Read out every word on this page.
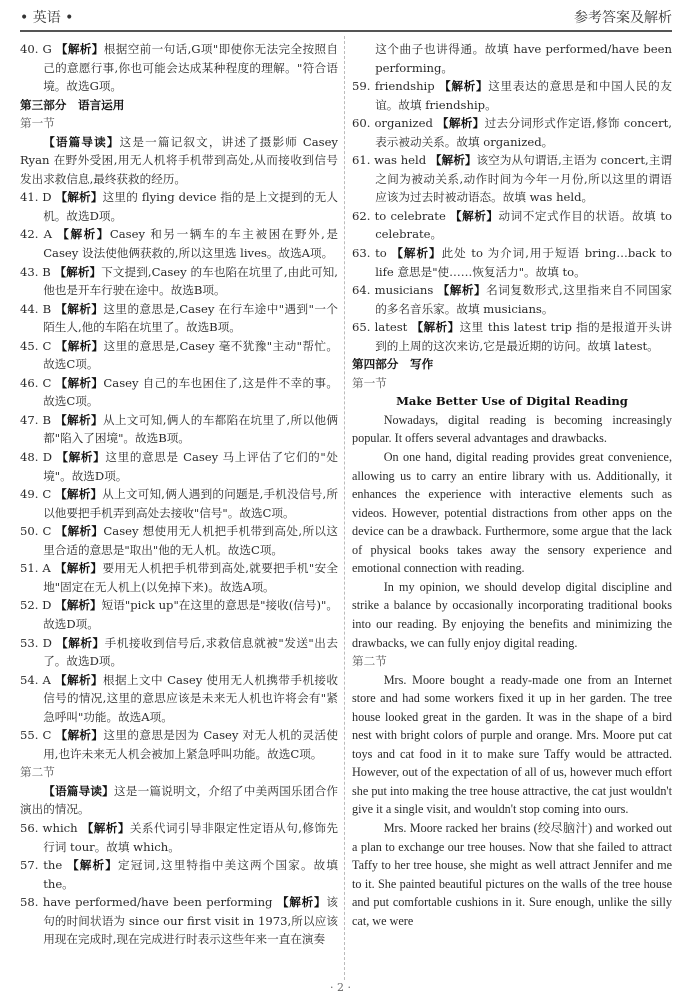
• 英语 •	参考答案及解析

40. G 【解析】根据空前一句话,G项"即使你无法完全按照自己的意愿行事,你也可能会达成某种程度的理解。"符合语境。故选G项。

第三部分　语言运用

第一节

【语篇导读】这是一篇记叙文，讲述了摄影师 Casey Ryan 在野外受困,用无人机将手机带到高处,从而接收到信号发出求救信息,最终获救的经历。

41. D 【解析】这里的 flying device 指的是上文提到的无人机。故选D项。

42. A 【解析】Casey 和另一辆车的车主被困在野外,是 Casey 设法使他俩获救的,所以这里选 lives。故选A项。

43. B 【解析】下文提到,Casey 的车也陷在坑里了,由此可知,他也是开车行驶在途中。故选B项。

44. B 【解析】这里的意思是,Casey 在行车途中"遇到"一个陌生人,他的车陷在坑里了。故选B项。

45. C 【解析】这里的意思是,Casey 毫不犹豫"主动"帮忙。故选C项。

46. C 【解析】Casey 自己的车也困住了,这是件不幸的事。故选C项。

47. B 【解析】从上文可知,俩人的车都陷在坑里了,所以他俩都"陷入了困境"。故选B项。

48. D 【解析】这里的意思是 Casey 马上评估了它们的"处境"。故选D项。

49. C 【解析】从上文可知,俩人遇到的问题是,手机没信号,所以他要把手机弄到高处去接收"信号"。故选C项。

50. C 【解析】Casey 想使用无人机把手机带到高处,所以这里合适的意思是"取出"他的无人机。故选C项。

51. A 【解析】要用无人机把手机带到高处,就要把手机"安全地"固定在无人机上(以免掉下来)。故选A项。

52. D 【解析】短语"pick up"在这里的意思是"接收(信号)"。故选D项。

53. D 【解析】手机接收到信号后,求救信息就被"发送"出去了。故选D项。

54. A 【解析】根据上文中 Casey 使用无人机携带手机接收信号的情况,这里的意思应该是未来无人机也许将会有"紧急呼叫"功能。故选A项。

55. C 【解析】这里的意思是因为 Casey 对无人机的灵活使用,也许未来无人机会被加上紧急呼叫功能。故选C项。

第二节

【语篇导读】这是一篇说明文，介绍了中美两国乐团合作演出的情况。

56. which 【解析】关系代词引导非限定性定语从句,修饰先行词 tour。故填 which。

57. the 【解析】定冠词,这里特指中美这两个国家。故填 the。

58. have performed/have been performing 【解析】该句的时间状语为 since our first visit in 1973,所以应该用现在完成时,现在完成进行时表示这些年来一直在演奏

这个曲子也讲得通。故填 have performed/have been performing。

59. friendship 【解析】这里表达的意思是和中国人民的友谊。故填 friendship。

60. organized 【解析】过去分词形式作定语,修饰 concert,表示被动关系。故填 organized。

61. was held 【解析】该空为从句谓语,主语为 concert,主谓之间为被动关系,动作时间为今年一月份,所以这里的谓语应该为过去时被动语态。故填 was held。

62. to celebrate 【解析】动词不定式作目的状语。故填 to celebrate。

63. to 【解析】此处 to 为介词,用于短语 bring…back to life 意思是"使……恢复活力"。故填 to。

64. musicians 【解析】名词复数形式,这里指来自不同国家的多名音乐家。故填 musicians。

65. latest 【解析】这里 this latest trip 指的是报道开头讲到的上周的这次来访,它是最近期的访问。故填 latest。

第四部分　写作

第一节

Make Better Use of Digital Reading

Nowadays, digital reading is becoming increasingly popular. It offers several advantages and drawbacks.

On one hand, digital reading provides great convenience, allowing us to carry an entire library with us. Additionally, it enhances the experience with interactive elements such as videos. However, potential distractions from other apps on the device can be a drawback. Furthermore, some argue that the lack of physical books takes away the sensory experience and emotional connection with reading.

In my opinion, we should develop digital discipline and strike a balance by occasionally incorporating traditional books into our reading. By enjoying the benefits and minimizing the drawbacks, we can fully enjoy digital reading.

第二节

Mrs. Moore bought a ready-made one from an Internet store and had some workers fixed it up in her garden. The tree house looked great in the garden. It was in the shape of a bird nest with bright colors of purple and orange. Mrs. Moore put cat toys and cat food in it to make sure Taffy would be attracted. However, out of the expectation of all of us, however much effort she put into making the tree house attractive, the cat just wouldn't give it a single visit, and wouldn't stop coming into ours.

Mrs. Moore racked her brains (绞尽脑汁) and worked out a plan to exchange our tree houses. Now that she failed to attract Taffy to her tree house, she might as well attract Jennifer and me to it. She painted beautiful pictures on the walls of the tree house and put comfortable cushions in it. Sure enough, unlike the silly cat, we were

· 2 ·
